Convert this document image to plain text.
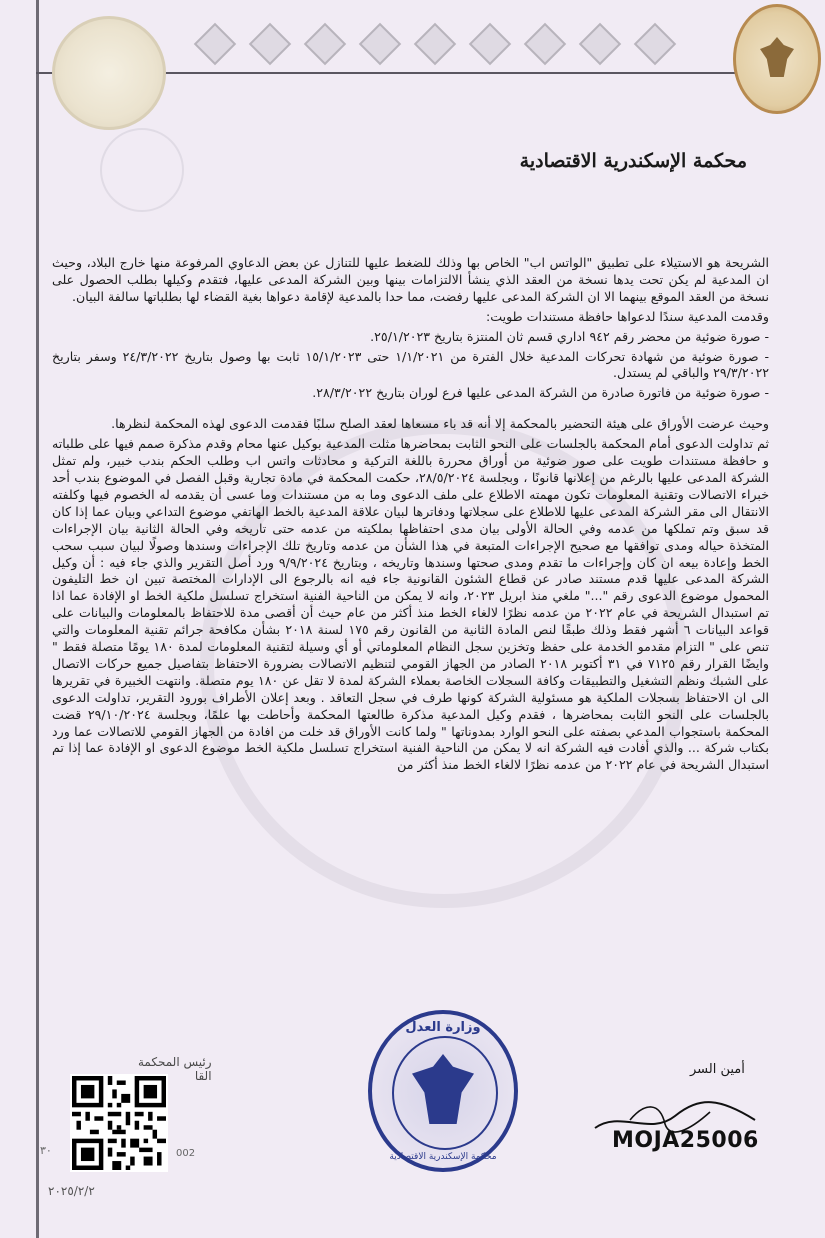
محكمة الإسكندرية الاقتصادية

الشريحة هو الاستيلاء على تطبيق "الواتس اب" الخاص بها وذلك للضغط عليها للتنازل عن بعض الدعاوي المرفوعة منها خارج البلاد، وحيث ان المدعية لم يكن تحت يدها نسخة من العقد الذي ينشأ الالتزامات بينها وبين الشركة المدعى عليها، فتقدم وكيلها بطلب الحصول على نسخة من العقد الموقع بينهما الا ان الشركة المدعى عليها رفضت، مما حدا بالمدعية لإقامة دعواها بغية القضاء لها بطلباتها سالفة البيان.

وقدمت المدعية سندًا لدعواها حافظة مستندات طويت:

- صورة ضوئية من محضر رقم ٩٤٢ اداري قسم ثان المنتزة بتاريخ ٢٥/١/٢٠٢٣.

- صورة ضوئية من شهادة تحركات المدعية خلال الفترة من ١/١/٢٠٢١ حتى ١٥/١/٢٠٢٣ ثابت بها وصول بتاريخ ٢٤/٣/٢٠٢٢ وسفر بتاريخ ٢٩/٣/٢٠٢٢ والباقي لم يستدل.

- صورة ضوئية من فاتورة صادرة من الشركة المدعى عليها فرع لوران بتاريخ ٢٨/٣/٢٠٢٢.

وحيث عرضت الأوراق على هيئة التحضير بالمحكمة إلا أنه قد باء مسعاها لعقد الصلح سلبًا فقدمت الدعوى لهذه المحكمة لنظرها.

ثم تداولت الدعوى أمام المحكمة بالجلسات على النحو الثابت بمحاضرها مثلت المدعية بوكيل عنها محام وقدم مذكرة صمم فيها على طلباته و حافظة مستندات طويت على صور ضوئية من أوراق محررة باللغة التركية و محادثات واتس اب وطلب الحكم بندب خبير، ولم تمثل الشركة المدعى عليها بالرغم من إعلانها قانونًا ، وبجلسة ٢٨/٥/٢٠٢٤، حكمت المحكمة في مادة تجارية وقبل الفصل في الموضوع بندب أحد خبراء الاتصالات وتقنية المعلومات تكون مهمته الاطلاع على ملف الدعوى وما به من مستندات وما عسى أن يقدمه له الخصوم فيها وكلفته الانتقال الى مقر الشركة المدعى عليها للاطلاع على سجلاتها ودفاترها لبيان علاقة المدعية بالخط الهاتفي موضوع التداعي وبيان عما إذا كان قد سبق وتم تملكها من عدمه وفي الحالة الأولى بيان مدى احتفاظها بملكيته من عدمه حتى تاريخه وفي الحالة الثانية بيان الإجراءات المتخذة حياله ومدى توافقها مع صحيح الإجراءات المتبعة في هذا الشأن من عدمه وتاريخ تلك الإجراءات وسندها وصولًا لبيان سبب سحب الخط وإعادة بيعه ان كان وإجراءات ما تقدم ومدى صحتها وسندها وتاريخه ، وبتاريخ ٩/٩/٢٠٢٤ ورد أصل التقرير والذي جاء فيه : أن وكيل الشركة المدعى عليها قدم مستند صادر عن قطاع الشئون القانونية جاء فيه انه بالرجوع الى الإدارات المختصة تبين ان خط التليفون المحمول موضوع الدعوى رقم "..." ملغي منذ ابريل ٢٠٢٣، وانه لا يمكن من الناحية الفنية استخراج تسلسل ملكية الخط او الإفادة عما اذا تم استبدال الشريحة في عام ٢٠٢٢ من عدمه نظرًا لالغاء الخط منذ أكثر من عام حيث أن أقصى مدة للاحتفاظ بالمعلومات والبيانات على قواعد البيانات ٦ أشهر فقط وذلك طبقًا لنص المادة الثانية من القانون رقم ١٧٥ لسنة ٢٠١٨ بشأن مكافحة جرائم تقنية المعلومات والتي تنص على " التزام مقدمو الخدمة على حفظ وتخزين سجل النظام المعلوماتي أو أي وسيلة لتقنية المعلومات لمدة ١٨٠ يومًا متصلة فقط " وايضًا القرار رقم ٧١٢٥ في ٣١ أكتوبر ٢٠١٨ الصادر من الجهاز القومي لتنظيم الاتصالات بضرورة الاحتفاظ بتفاصيل جميع حركات الاتصال على الشبك ونظم التشغيل والتطبيقات وكافة السجلات الخاصة بعملاء الشركة لمدة لا تقل عن ١٨٠ يوم متصلة. وانتهت الخبيرة في تقريرها الى ان الاحتفاظ بسجلات الملكية هو مسئولية الشركة كونها طرف في سجل التعاقد . وبعد إعلان الأطراف بورود التقرير، تداولت الدعوى بالجلسات على النحو الثابت بمحاضرها ، فقدم وكيل المدعية مذكرة طالعتها المحكمة وأحاطت بها علمًا، وبجلسة ٢٩/١٠/٢٠٢٤ قضت المحكمة باستجواب المدعي بصفته على النحو الوارد بمدوناتها " ولما كانت الأوراق قد خلت من افادة من الجهاز القومي للاتصالات عما ورد بكتاب شركة ... والذي أفادت فيه الشركة انه لا يمكن من الناحية الفنية استخراج تسلسل ملكية الخط موضوع الدعوى او الإفادة عما إذا تم استبدال الشريحة في عام ٢٠٢٢ من عدمه نظرًا لالغاء الخط منذ أكثر من

رئيس المحكمة
القا	أمين السر
وزارة العدل
محكمة الإسكندرية الاقتصادية
MOJA25006
٣٠	002
٢٠٢٥/٢/٢
